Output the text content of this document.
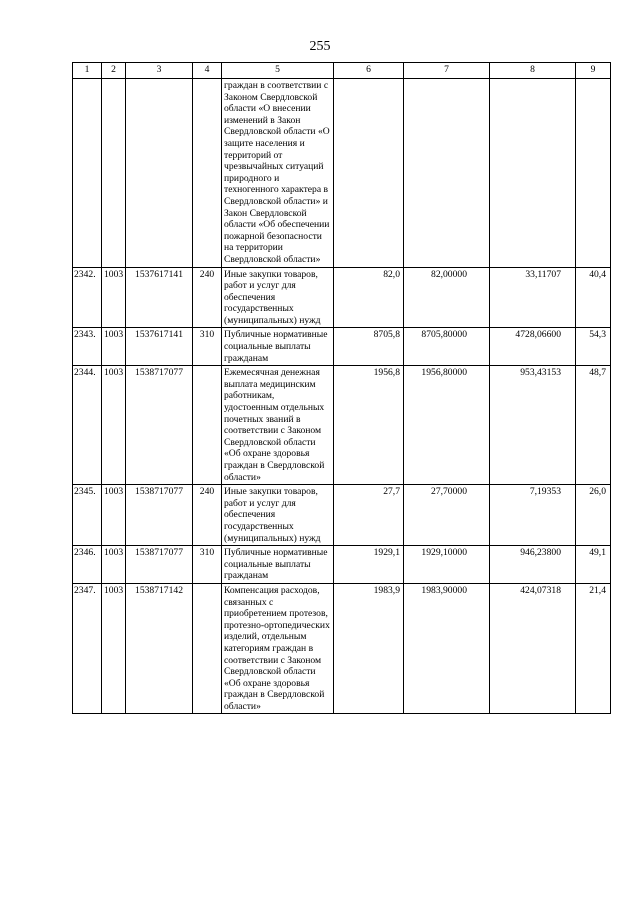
255
1	2	3	4	5	6	7	8	9
				граждан в соответствии с Законом Свердловской области «О внесении изменений в Закон Свердловской области «О защите населения и территорий от чрезвычайных ситуаций природного и техногенного характера в Свердловской области» и Закон Свердловской области «Об обеспечении пожарной безопасности на территории Свердловской области»				
2342.	1003	1537617141	240	Иные закупки товаров, работ и услуг для обеспечения государственных (муниципальных) нужд	82,0	82,00000	33,11707	40,4
2343.	1003	1537617141	310	Публичные нормативные социальные выплаты гражданам	8705,8	8705,80000	4728,06600	54,3
2344.	1003	1538717077		Ежемесячная денежная выплата медицинским работникам, удостоенным отдельных почетных званий в соответствии с Законом Свердловской области «Об охране здоровья граждан в Свердловской области»	1956,8	1956,80000	953,43153	48,7
2345.	1003	1538717077	240	Иные закупки товаров, работ и услуг для обеспечения государственных (муниципальных) нужд	27,7	27,70000	7,19353	26,0
2346.	1003	1538717077	310	Публичные нормативные социальные выплаты гражданам	1929,1	1929,10000	946,23800	49,1
2347.	1003	1538717142		Компенсация расходов, связанных с приобретением протезов, протезно-ортопедических изделий, отдельным категориям граждан в соответствии с Законом Свердловской области «Об охране здоровья граждан в Свердловской области»	1983,9	1983,90000	424,07318	21,4
